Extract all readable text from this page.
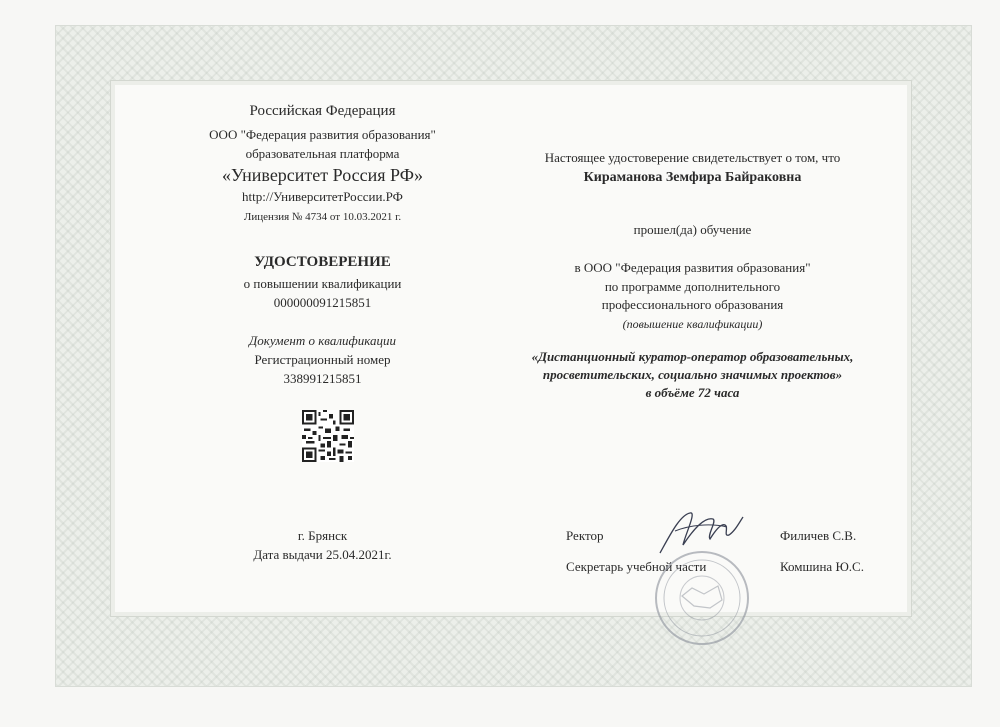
Российская Федерация
ООО "Федерация развития образования"
образовательная платформа
«Университет Россия РФ»
http://УниверситетРоссии.РФ
Лицензия № 4734 от 10.03.2021 г.
УДОСТОВЕРЕНИЕ
о повышении квалификации
000000091215851
Документ о квалификации
Регистрационный номер
338991215851
г. Брянск
Дата выдачи 25.04.2021г.
Настоящее удостоверение свидетельствует о том, что
Кираманова Земфира Байраковна
прошел(да) обучение
в ООО "Федерация развития образования"
по программе дополнительного
профессионального образования
(повышение квалификации)
«Дистанционный куратор-оператор образовательных,
просветительских, социально значимых проектов»
в объёме 72 часа
Ректор	Филичев С.В.
Секретарь учебной части	Комшина Ю.С.
